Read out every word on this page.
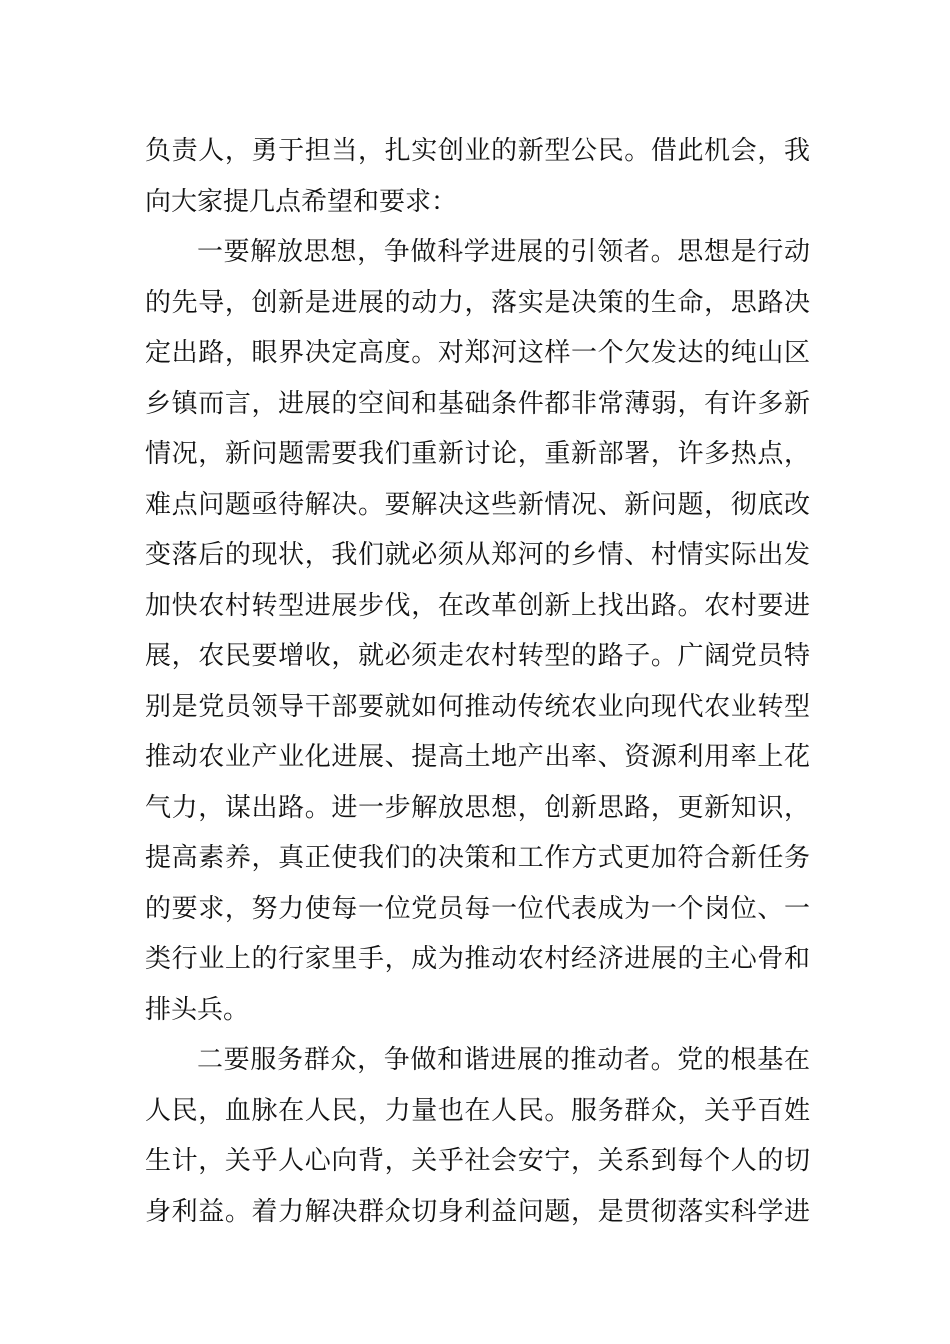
负责人，勇于担当，扎实创业的新型公民。借此机会，我
向大家提几点希望和要求：
一要解放思想，争做科学进展的引领者。思想是行动
的先导，创新是进展的动力，落实是决策的生命，思路决
定出路，眼界决定高度。对郑河这样一个欠发达的纯山区
乡镇而言，进展的空间和基础条件都非常薄弱，有许多新
情况，新问题需要我们重新讨论，重新部署，许多热点，
难点问题亟待解决。要解决这些新情况、新问题，彻底改
变落后的现状，我们就必须从郑河的乡情、村情实际出发
加快农村转型进展步伐，在改革创新上找出路。农村要进
展，农民要增收，就必须走农村转型的路子。广阔党员特
别是党员领导干部要就如何推动传统农业向现代农业转型
推动农业产业化进展、提高土地产出率、资源利用率上花
气力，谋出路。进一步解放思想，创新思路，更新知识，
提高素养，真正使我们的决策和工作方式更加符合新任务
的要求，努力使每一位党员每一位代表成为一个岗位、一
类行业上的行家里手，成为推动农村经济进展的主心骨和
排头兵。
二要服务群众，争做和谐进展的推动者。党的根基在
人民，血脉在人民，力量也在人民。服务群众，关乎百姓
生计，关乎人心向背，关乎社会安宁，关系到每个人的切
身利益。着力解决群众切身利益问题，是贯彻落实科学进
